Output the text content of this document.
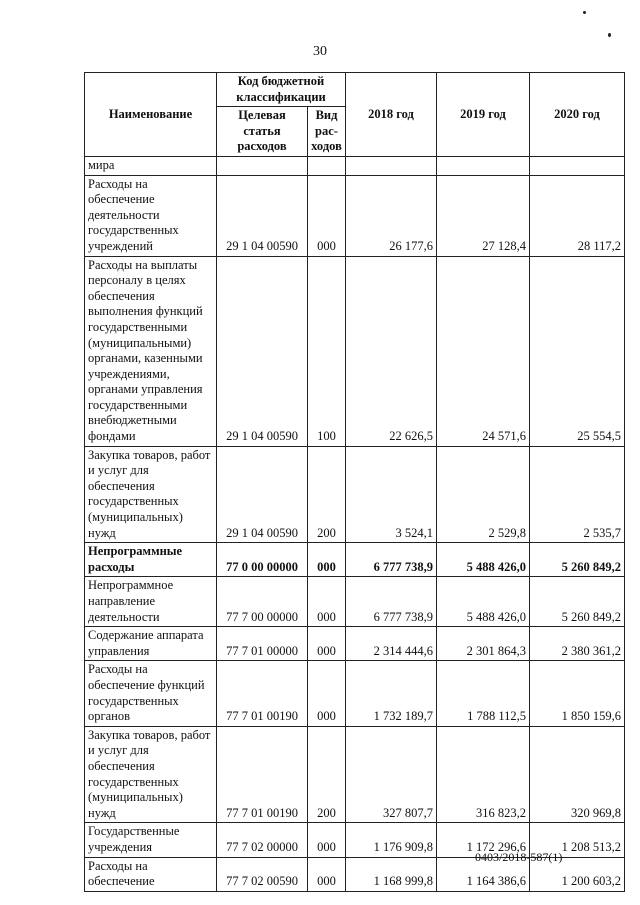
30
Наименование	Код бюджетной классификации		2018 год	2019 год	2020 год
	Целевая статья расходов	Вид рас-ходов			
мира					
Расходы на обеспечение деятельности государственных учреждений	29 1 04 00590	000	26 177,6	27 128,4	28 117,2
Расходы на выплаты персоналу в целях обеспечения выполнения функций государственными (муниципальными) органами, казенными учреждениями, органами управления государственными внебюджетными фондами	29 1 04 00590	100	22 626,5	24 571,6	25 554,5
Закупка товаров, работ и услуг для обеспечения государственных (муниципальных) нужд	29 1 04 00590	200	3 524,1	2 529,8	2 535,7
Непрограммные расходы	77 0 00 00000	000	6 777 738,9	5 488 426,0	5 260 849,2
Непрограммное направление деятельности	77 7 00 00000	000	6 777 738,9	5 488 426,0	5 260 849,2
Содержание аппарата управления	77 7 01 00000	000	2 314 444,6	2 301 864,3	2 380 361,2
Расходы на обеспечение функций государственных органов	77 7 01 00190	000	1 732 189,7	1 788 112,5	1 850 159,6
Закупка товаров, работ и услуг для обеспечения государственных (муниципальных) нужд	77 7 01 00190	200	327 807,7	316 823,2	320 969,8
Государственные учреждения	77 7 02 00000	000	1 176 909,8	1 172 296,6	1 208 513,2
Расходы на обеспечение	77 7 02 00590	000	1 168 999,8	1 164 386,6	1 200 603,2
0403/2018-587(1)
